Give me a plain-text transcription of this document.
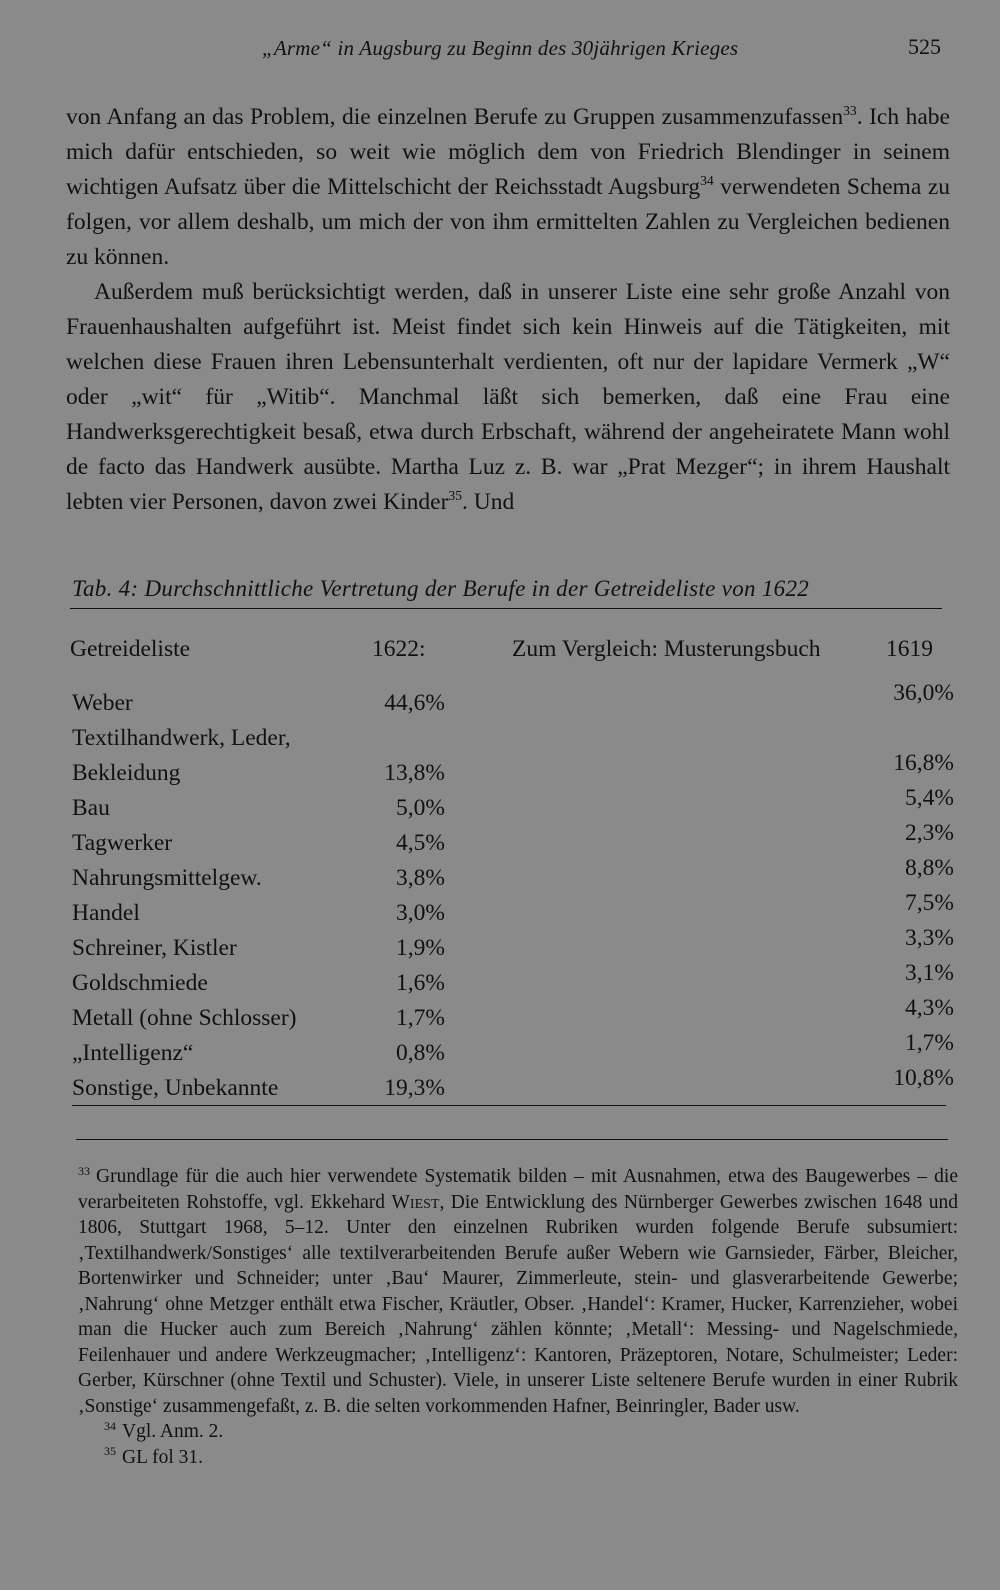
„Arme“ in Augsburg zu Beginn des 30jährigen Krieges	525

von Anfang an das Problem, die einzelnen Berufe zu Gruppen zusammenzufassen$^{33}$. Ich habe mich dafür entschieden, so weit wie möglich dem von Friedrich Blendinger in seinem wichtigen Aufsatz über die Mittelschicht der Reichsstadt Augsburg$^{34}$ verwendeten Schema zu folgen, vor allem deshalb, um mich der von ihm ermittelten Zahlen zu Vergleichen bedienen zu können.

Außerdem muß berücksichtigt werden, daß in unserer Liste eine sehr große Anzahl von Frauenhaushalten aufgeführt ist. Meist findet sich kein Hinweis auf die Tätigkeiten, mit welchen diese Frauen ihren Lebensunterhalt verdienten, oft nur der lapidare Vermerk „W“ oder „wit“ für „Witib“. Manchmal läßt sich bemerken, daß eine Frau eine Handwerksgerechtigkeit besaß, etwa durch Erbschaft, während der angeheiratete Mann wohl de facto das Handwerk ausübte. Martha Luz z. B. war „Prat Mezger“; in ihrem Haushalt lebten vier Personen, davon zwei Kinder$^{35}$. Und

Tab. 4: Durchschnittliche Vertretung der Berufe in der Getreideliste von 1622
Getreideliste	1622:	Zum Vergleich: Musterungsbuch	1619
Weber	44,6%	36,0%
Textilhandwerk, Leder,
Bekleidung	13,8%	16,8%
Bau	5,0%	5,4%
Tagwerker	4,5%	2,3%
Nahrungsmittelgew.	3,8%	8,8%
Handel	3,0%	7,5%
Schreiner, Kistler	1,9%	3,3%
Goldschmiede	1,6%	3,1%
Metall (ohne Schlosser)	1,7%	4,3%
„Intelligenz“	0,8%	1,7%
Sonstige, Unbekannte	19,3%	10,8%

$^{33}$ Grundlage für die auch hier verwendete Systematik bilden – mit Ausnahmen, etwa des Baugewerbes – die verarbeiteten Rohstoffe, vgl. Ekkehard Wiest, Die Entwicklung des Nürnberger Gewerbes zwischen 1648 und 1806, Stuttgart 1968, 5–12. Unter den einzelnen Rubriken wurden folgende Berufe subsumiert: ‚Textilhandwerk/Sonstiges‘ alle textilverarbeitenden Berufe außer Webern wie Garnsieder, Färber, Bleicher, Bortenwirker und Schneider; unter ‚Bau‘ Maurer, Zimmerleute, stein- und glasverarbeitende Gewerbe; ‚Nahrung‘ ohne Metzger enthält etwa Fischer, Kräutler, Obser. ‚Handel‘: Kramer, Hucker, Karrenzieher, wobei man die Hucker auch zum Bereich ‚Nahrung‘ zählen könnte; ‚Metall‘: Messing- und Nagelschmiede, Feilenhauer und andere Werkzeugmacher; ‚Intelligenz‘: Kantoren, Präzeptoren, Notare, Schulmeister; Leder: Gerber, Kürschner (ohne Textil und Schuster). Viele, in unserer Liste seltenere Berufe wurden in einer Rubrik ‚Sonstige‘ zusammengefaßt, z. B. die selten vorkommenden Hafner, Beinringler, Bader usw.

$^{34}$ Vgl. Anm. 2.

$^{35}$ GL fol 31.
